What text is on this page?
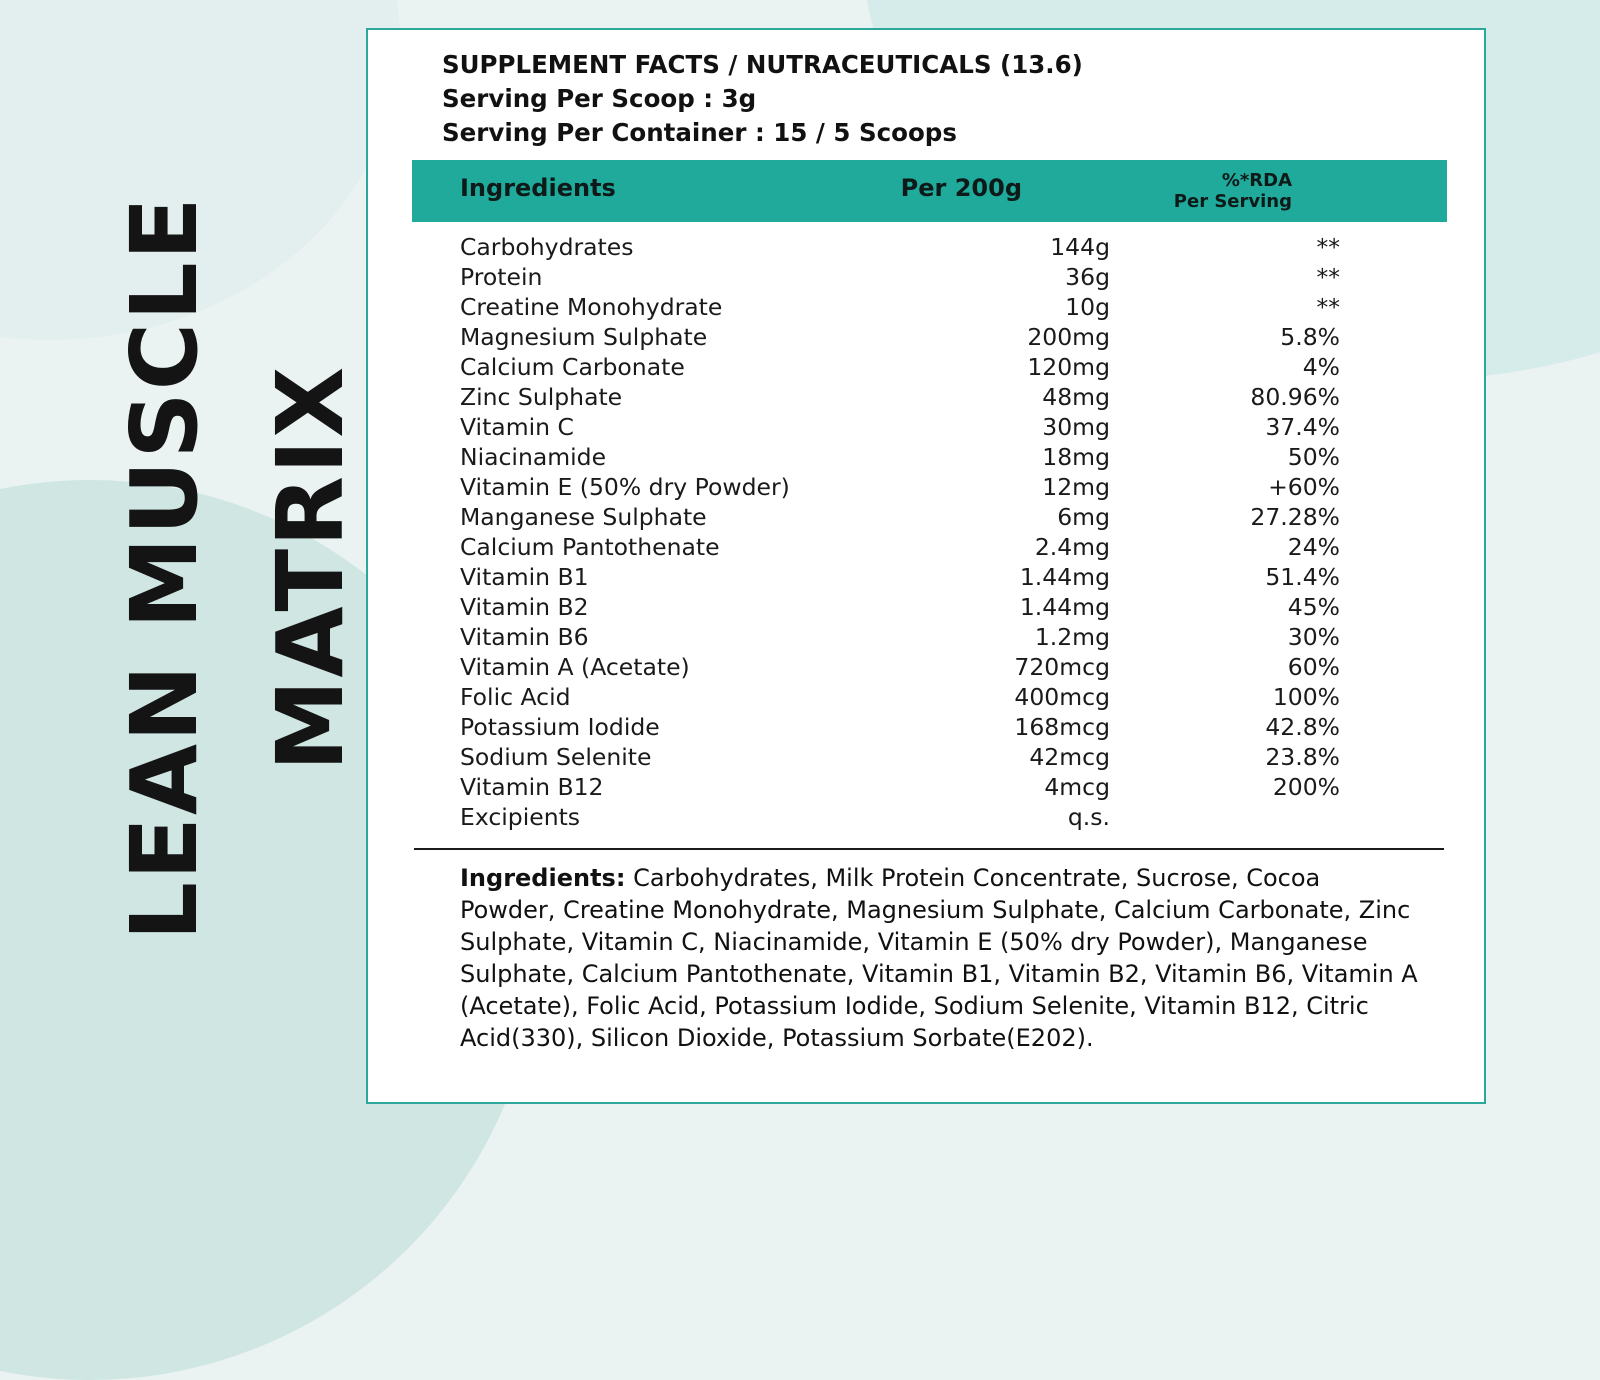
LEAN MUSCLE MATRIX
SUPPLEMENT FACTS / NUTRACEUTICALS (13.6)
Serving Per Scoop : 3g
Serving Per Container : 15 / 5 Scoops
Ingredients	Per 200g	%*RDA
Per Serving
Carbohydrates	144g	**
Protein	36g	**
Creatine Monohydrate	10g	**
Magnesium Sulphate	200mg	5.8%
Calcium Carbonate	120mg	4%
Zinc Sulphate	48mg	80.96%
Vitamin C	30mg	37.4%
Niacinamide	18mg	50%
Vitamin E (50% dry Powder)	12mg	+60%
Manganese Sulphate	6mg	27.28%
Calcium Pantothenate	2.4mg	24%
Vitamin B1	1.44mg	51.4%
Vitamin B2	1.44mg	45%
Vitamin B6	1.2mg	30%
Vitamin A (Acetate)	720mcg	60%
Folic Acid	400mcg	100%
Potassium Iodide	168mcg	42.8%
Sodium Selenite	42mcg	23.8%
Vitamin B12	4mcg	200%
Excipients	q.s.
Ingredients: Carbohydrates, Milk Protein Concentrate, Sucrose, Cocoa Powder, Creatine Monohydrate, Magnesium Sulphate, Calcium Carbonate, Zinc Sulphate, Vitamin C, Niacinamide, Vitamin E (50% dry Powder), Manganese Sulphate, Calcium Pantothenate, Vitamin B1, Vitamin B2, Vitamin B6, Vitamin A (Acetate), Folic Acid, Potassium Iodide, Sodium Selenite, Vitamin B12, Citric Acid(330), Silicon Dioxide, Potassium Sorbate(E202).
